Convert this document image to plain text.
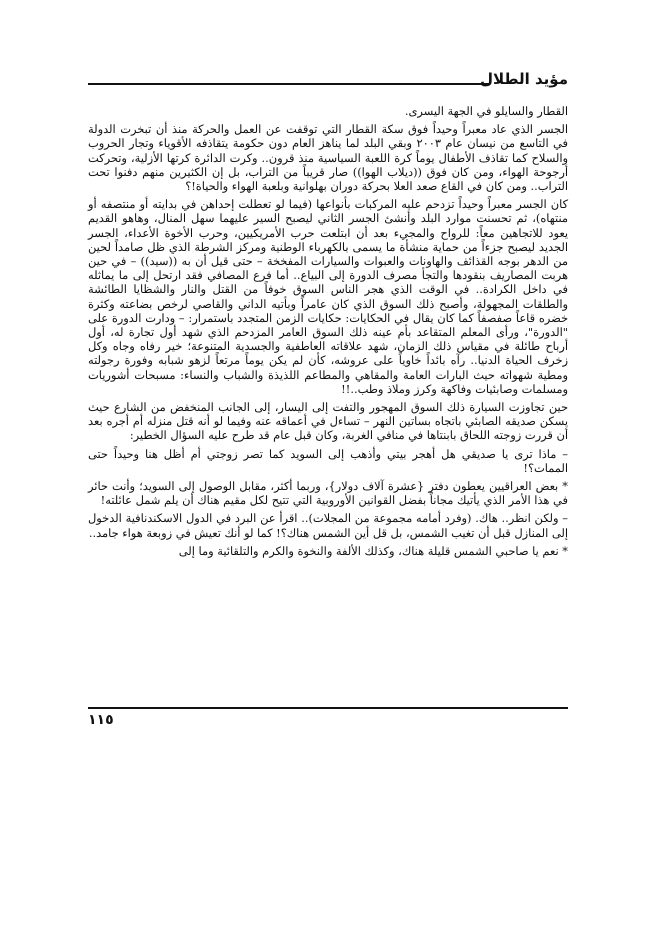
مؤيد الطلال

القطار والسايلو في الجهة اليسرى.

الجسر الذي عاد معبراً وحيداً فوق سكة القطار التي توقفت عن العمل والحركة منذ أن تبخرت الدولة في التاسع من نيسان عام ٢٠٠٣ وبقي البلد لما يناهز العام دون حكومة يتقاذفه الأقوياء وتجار الحروب والسلاح كما تقاذف الأطفال يوماً كرة اللعبة السياسية منذ قرون.. وكرت الدائرة كرتها الأزلية، وتحركت أرجوحة الهواء، ومن كان فوق ((ديلاب الهوا)) صار قريباً من التراب، بل إن الكثيرين منهم دفنوا تحت التراب.. ومن كان في القاع صعد العلا بحركة دوران بهلوانية وبلعبة الهواء والحياة!؟

كان الجسر معبراً وحيداً تزدحم عليه المركبات بأنواعها (فيما لو تعطلت إحداهن في بدايته أو منتصفه أو منتهاه)، ثم تحسنت موارد البلد وأنشئ الجسر الثاني ليصبح السير عليهما سهل المنال، وهاهو القديم يعود للاتجاهين معاً: للرواح والمجيء بعد أن ابتلعت حرب الأمريكيين، وحرب الأخوة الأعداء، الجسر الجديد ليصبح جزءاً من حماية منشأة ما يسمى بالكهرباء الوطنية ومركز الشرطة الذي ظل صامداً لحين من الدهر بوجه القذائف والهاونات والعبوات والسيارات المفخخة – حتى قيل أن به ((سيد)) – في حين هربت المصاريف بنقودها والتجأ مصرف الدورة إلى البياع.. أما فرع المصافي فقد ارتحل إلى ما يماثله في داخل الكرادة.. في الوقت الذي هجر الناس السوق خوفاً من القتل والنار والشظايا الطائشة والطلقات المجهولة، وأصبح ذلك السوق الذي كان عامراً وبأتيه الداني والقاصي لرخص بضاعته وكثرة خضره قاعاً صفصفاً كما كان يقال في الحكايات: حكايات الزمن المتجدد باستمرار: – ودارت الدورة على "الدورة"، ورأى المعلم المتقاعد بأم عينه ذلك السوق العامر المزدحم الذي شهد أول تجارة له، أول أرباح طائلة في مقياس ذلك الزمان، شهد علاقاته العاطفية والجسدية المتنوعة؛ خير رفاه وجاه وكل زخرف الحياة الدنيا.. رآه بائداً خاوياً على عروشه، كأن لم يكن يوماً مرتعاً لزهو شبابه وفورة رجولته ومطية شهواته حيث البارات العامة والمقاهي والمطاعم اللذيذة والشباب والنساء: مسبحات أشوريات ومسلمات وصابئيات وفاكهة وكرز وملاذ وطب..!!

حين تجاوزت السيارة ذلك السوق المهجور والتفت إلى اليسار، إلى الجانب المنخفض من الشارع حيث يسكن صديقه الصابئي باتجاه بساتين النهر – تساءل في أعماقه عنه وفيما لو أنه قتل منزله أم أجره بعد أن قررت زوجته اللحاق بابنتاها في منافي الغربة، وكان قبل عام قد طرح عليه السؤال الخطير:

– ماذا ترى يا صديقي هل أهجر بيتي وأذهب إلى السويد كما تصر زوجتي أم أظل هنا وحيداً حتى الممات؟!

* بعض العراقيين يعطون دفتر {عشرة آلاف دولار}، وربما أكثر، مقابل الوصول إلى السويد؛ وأنت حائر في هذا الأمر الذي يأتيك مجاناً بفضل القوانين الأوروبية التي تتيح لكل مقيم هناك أن يلم شمل عائلته!

– ولكن انظر.. هاك. (وفرد أمامه مجموعة من المجلات).. اقرأ عن البرد في الدول الاسكندنافية الدخول إلى المنازل قبل أن تغيب الشمس، بل قل أين الشمس هناك؟! كما لو أنك تعيش في زوبعة هواء جامد..

* نعم يا صاحبي الشمس قليلة هناك، وكذلك الألفة والنخوة والكرم والتلقائية وما إلى

١١٥
